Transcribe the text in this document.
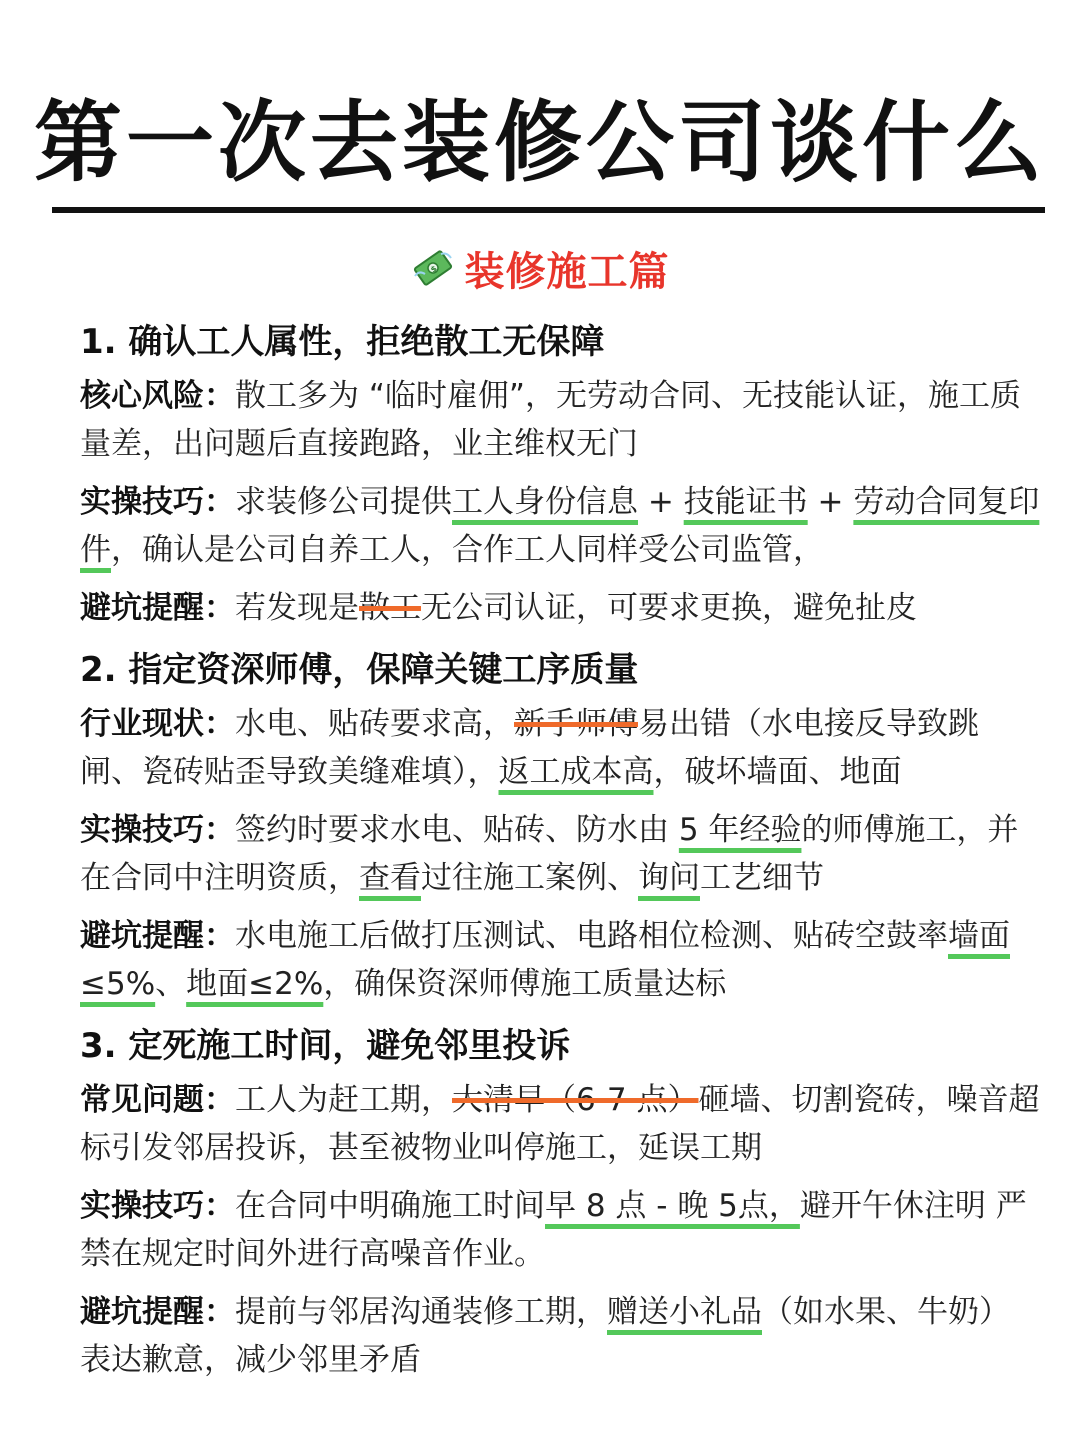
第一次去装修公司谈什么
$ 装修施工篇
1. 确认工人属性，拒绝散工无保障
核心风险：散工多为 “临时雇佣”，无劳动合同、无技能认证，施工质量差，出问题后直接跑路，业主维权无门
实操技巧：求装修公司提供工人身份信息 + 技能证书 + 劳动合同复印件，确认是公司自养工人，合作工人同样受公司监管，
避坑提醒：若发现是散工无公司认证，可要求更换，避免扯皮
2. 指定资深师傅，保障关键工序质量
行业现状：水电、贴砖要求高，新手师傅易出错（水电接反导致跳闸、瓷砖贴歪导致美缝难填），返工成本高，破坏墙面、地面
实操技巧：签约时要求水电、贴砖、防水由 5 年经验的师傅施工，并在合同中注明资质，查看过往施工案例、询问工艺细节
避坑提醒：水电施工后做打压测试、电路相位检测、贴砖空鼓率墙面≤5%、地面≤2%，确保资深师傅施工质量达标
3. 定死施工时间，避免邻里投诉
常见问题：工人为赶工期，大清早（6-7 点）砸墙、切割瓷砖，噪音超标引发邻居投诉，甚至被物业叫停施工，延误工期
实操技巧：在合同中明确施工时间早 8 点 - 晚 5点，避开午休注明 严禁在规定时间外进行高噪音作业。
避坑提醒：提前与邻居沟通装修工期，赠送小礼品（如水果、牛奶）表达歉意，减少邻里矛盾
